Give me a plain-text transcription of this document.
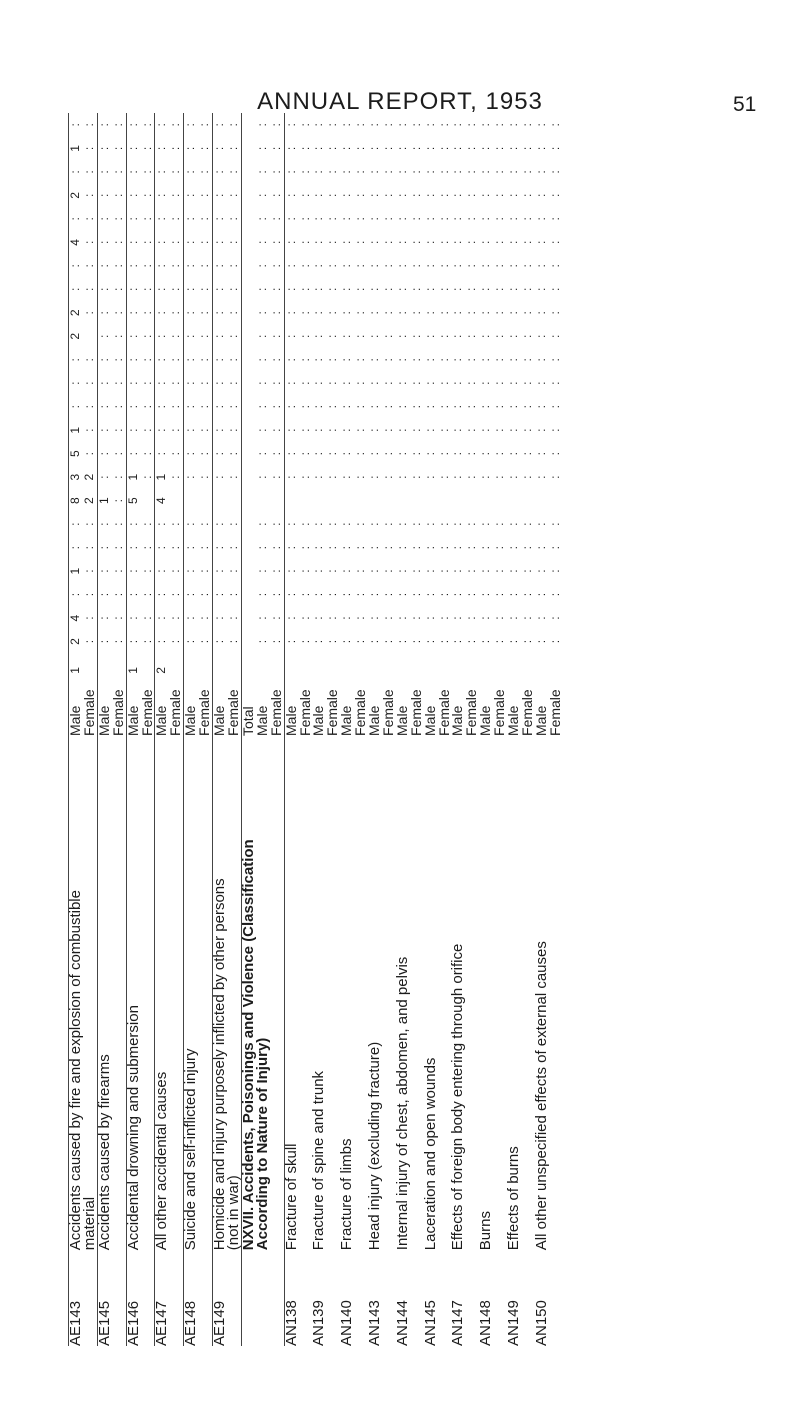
ANNUAL REPORT, 1953	51
AE143	Accidents caused by fire and explosion of combustible	Male	1	2	4	:	1	:	:	8	3	5	1	:	:	:	2	2	:	:	4	:	2	:	1	:
	material	Female		:	:	:	:	:	:	2	2	:	:	:	:	:		:	:	:	:	:	:	:	:	:
AE145	Accidents caused by firearms	Male		:	:	:	:	:	:	1	:	:	:	:	:	:	:	:	:	:	:	:	:	:	:	:
		Female		:	:	:	:	:	:	:	:	:	:	:	:	:	:	:	:	:	:	:	:	:	:	:
AE146	Accidental drowning and submersion	Male	1	:	:	:	:	:	:	5	1	:	:	:	:	:	:	:	:	:	:	:	:	:	:	:
		Female		:	:	:	:	:	:		:	:	:	:	:	:	:	:	:	:	:	:	:	:	:	:
AE147	All other accidental causes	Male	2	:	:	:	:	:	:	4	1	:	:	:	:	:	:	:	:	:	:	:	:	:	:	:
		Female		:	:	:	:	:	:		:	:	:	:	:	:	:	:	:	:	:	:	:	:	:	:
AE148	Suicide and self-inflicted injury	Male		:	:	:	:	:	:		:	:	:	:	:	:	:	:	:	:	:	:	:	:	:	:
		Female		:	:	:	:	:	:		:	:	:	:	:	:	:	:	:	:	:	:	:	:	:	:
AE149	Homicide and injury purposely inflicted by other persons	Male		:	:	:	:	:	:		:	:	:	:	:	:	:	:	:	:	:	:	:	:	:	:
	(not in war)	Female		:	:	:	:	:	:		:	:	:	:	:	:	:	:	:	:	:	:	:	:	:	:
	NXVII. Accidents, Poisonings and Violence (Classification	Total																								
	According to Nature of Injury)	Male		:	:	:	:	:	:		:	:	:	:	:	:	:	:	:	:	:	:	:	:	:	:
		Female		:	:	:	:	:	:		:	:	:	:	:	:	:	:	:	:	:	:	:	:	:	:
AN138	Fracture of skull	Male		:	:	:	:	:	:		:	:	:	:	:	:	:	:	:	:	:	:	:	:	:	:
		Female		:	:	:	:	:	:		:	:	:	:	:	:	:	:	:	:	:	:	:	:	:	:
AN139	Fracture of spine and trunk	Male		:	:	:	:	:	:		:	:	:	:	:	:	:	:	:	:	:	:	:	:	:	:
		Female		:	:	:	:	:	:		:	:	:	:	:	:	:	:	:	:	:	:	:	:	:	:
AN140	Fracture of limbs	Male		:	:	:	:	:	:		:	:	:	:	:	:	:	:	:	:	:	:	:	:	:	:
		Female		:	:	:	:	:	:		:	:	:	:	:	:	:	:	:	:	:	:	:	:	:	:
AN143	Head injury (excluding fracture)	Male		:	:	:	:	:	:		:	:	:	:	:	:	:	:	:	:	:	:	:	:	:	:
		Female		:	:	:	:	:	:		:	:	:	:	:	:	:	:	:	:	:	:	:	:	:	:
AN144	Internal injury of chest, abdomen, and pelvis	Male		:	:	:	:	:	:		:	:	:	:	:	:	:	:	:	:	:	:	:	:	:	:
		Female		:	:	:	:	:	:		:	:	:	:	:	:	:	:	:	:	:	:	:	:	:	:
AN145	Laceration and open wounds	Male		:	:	:	:	:	:		:	:	:	:	:	:	:	:	:	:	:	:	:	:	:	:
		Female		:	:	:	:	:	:		:	:	:	:	:	:	:	:	:	:	:	:	:	:	:	:
AN147	Effects of foreign body entering through orifice	Male		:	:	:	:	:	:		:	:	:	:	:	:	:	:	:	:	:	:	:	:	:	:
		Female		:	:	:	:	:	:		:	:	:	:	:	:	:	:	:	:	:	:	:	:	:	:
AN148	Burns	Male		:	:	:	:	:	:		:	:	:	:	:	:	:	:	:	:	:	:	:	:	:	:
		Female		:	:	:	:	:	:		:	:	:	:	:	:	:	:	:	:	:	:	:	:	:	:
AN149	Effects of burns	Male		:	:	:	:	:	:		:	:	:	:	:	:	:	:	:	:	:	:	:	:	:	:
		Female		:	:	:	:	:	:		:	:	:	:	:	:	:	:	:	:	:	:	:	:	:	:
AN150	All other unspecified effects of external causes	Male		:	:	:	:	:	:		:	:	:	:	:	:	:	:	:	:	:	:	:	:	:	:
		Female		:	:	:	:	:	:		:	:	:	:	:	:	:	:	:	:	:	:	:	:	:	:
